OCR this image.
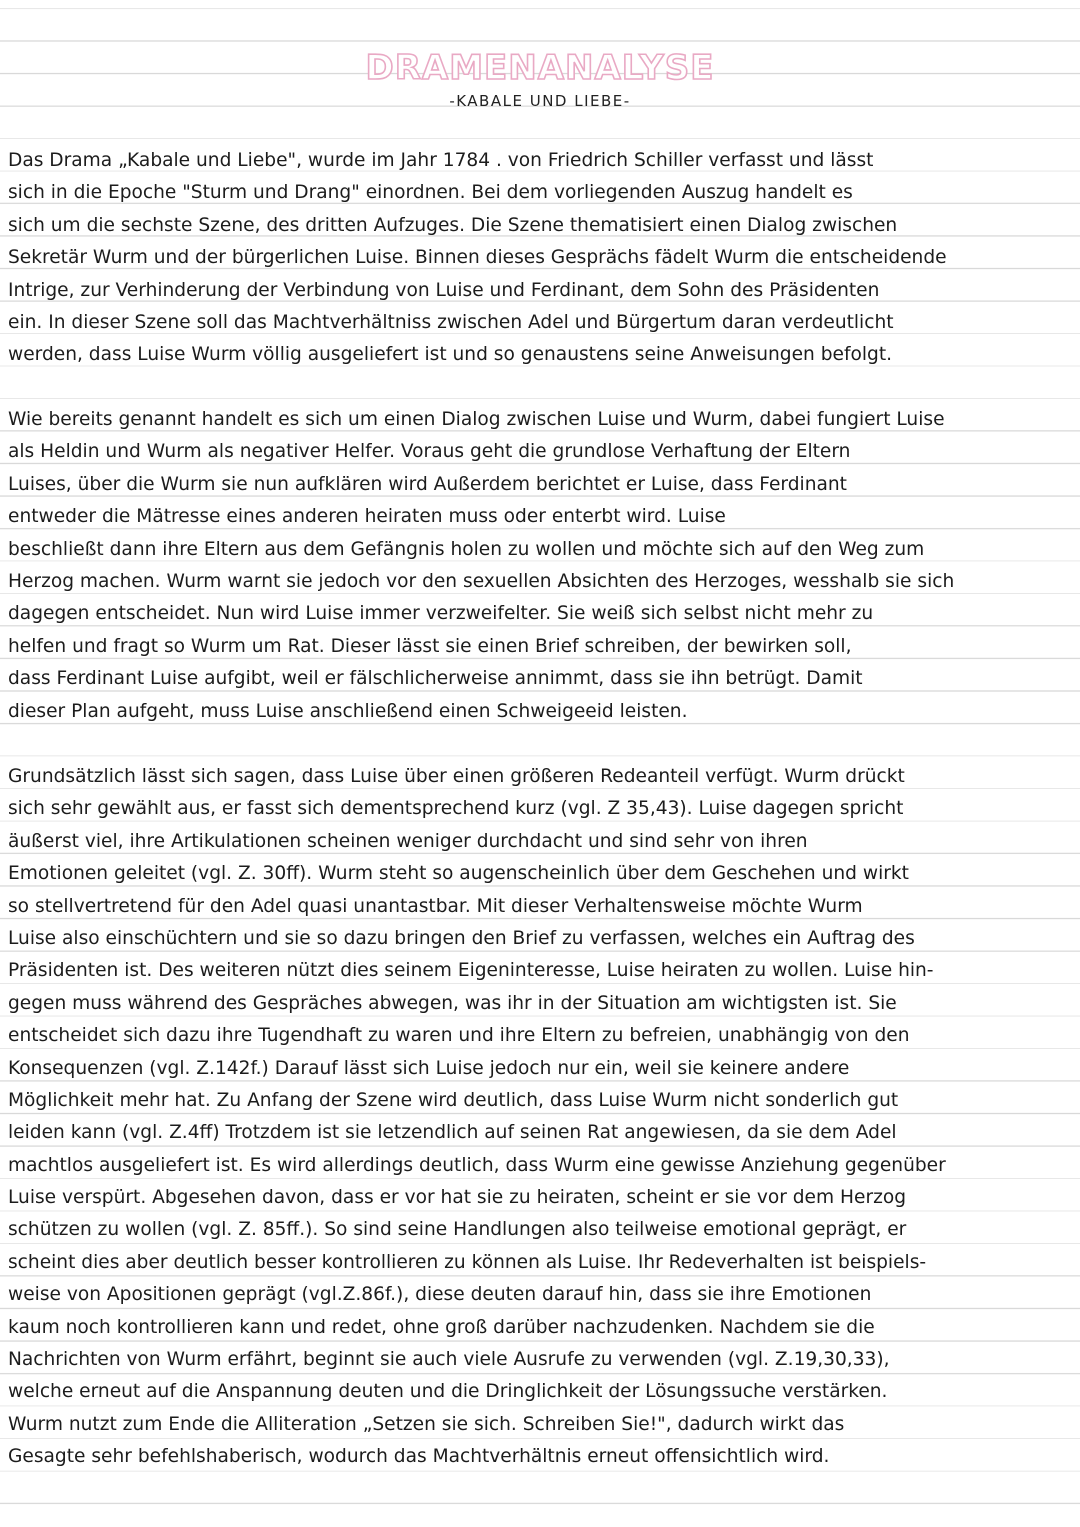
DRAMENANALYSE
-KABALE UND LIEBE-
Das Drama „Kabale und Liebe", wurde im Jahr 1784 . von Friedrich Schiller verfasst und lässt
sich in die Epoche "Sturm und Drang" einordnen. Bei dem vorliegenden Auszug handelt es
sich um die sechste Szene, des dritten Aufzuges. Die Szene thematisiert einen Dialog zwischen
Sekretär Wurm und der bürgerlichen Luise. Binnen dieses Gesprächs fädelt Wurm die entscheidende
Intrige, zur Verhinderung der Verbindung von Luise und Ferdinant, dem Sohn des Präsidenten
ein. In dieser Szene soll das Machtverhältniss zwischen Adel und Bürgertum daran verdeutlicht
werden, dass Luise Wurm völlig ausgeliefert ist und so genaustens seine Anweisungen befolgt.
Wie bereits genannt handelt es sich um einen Dialog zwischen Luise und Wurm, dabei fungiert Luise
als Heldin und Wurm als negativer Helfer. Voraus geht die grundlose Verhaftung der Eltern
Luises, über die Wurm sie nun aufklären wird Außerdem berichtet er Luise, dass Ferdinant
entweder die Mätresse eines anderen heiraten muss oder enterbt wird. Luise
beschließt dann ihre Eltern aus dem Gefängnis holen zu wollen und möchte sich auf den Weg zum
Herzog machen. Wurm warnt sie jedoch vor den sexuellen Absichten des Herzoges, wesshalb sie sich
dagegen entscheidet. Nun wird Luise immer verzweifelter. Sie weiß sich selbst nicht mehr zu
helfen und fragt so Wurm um Rat. Dieser lässt sie einen Brief schreiben, der bewirken soll,
dass Ferdinant Luise aufgibt, weil er fälschlicherweise annimmt, dass sie ihn betrügt. Damit
dieser Plan aufgeht, muss Luise anschließend einen Schweigeeid leisten.
Grundsätzlich lässt sich sagen, dass Luise über einen größeren Redeanteil verfügt. Wurm drückt
sich sehr gewählt aus, er fasst sich dementsprechend kurz (vgl. Z 35,43). Luise dagegen spricht
äußerst viel, ihre Artikulationen scheinen weniger durchdacht und sind sehr von ihren
Emotionen geleitet (vgl. Z. 30ff). Wurm steht so augenscheinlich über dem Geschehen und wirkt
so stellvertretend für den Adel quasi unantastbar. Mit dieser Verhaltensweise möchte Wurm
Luise also einschüchtern und sie so dazu bringen den Brief zu verfassen, welches ein Auftrag des
Präsidenten ist. Des weiteren nützt dies seinem Eigeninteresse, Luise heiraten zu wollen. Luise hin-
gegen muss während des Gespräches abwegen, was ihr in der Situation am wichtigsten ist. Sie
entscheidet sich dazu ihre Tugendhaft zu waren und ihre Eltern zu befreien, unabhängig von den
Konsequenzen (vgl. Z.142f.) Darauf lässt sich Luise jedoch nur ein, weil sie keinere andere
Möglichkeit mehr hat. Zu Anfang der Szene wird deutlich, dass Luise Wurm nicht sonderlich gut
leiden kann (vgl. Z.4ff) Trotzdem ist sie letzendlich auf seinen Rat angewiesen, da sie dem Adel
machtlos ausgeliefert ist. Es wird allerdings deutlich, dass Wurm eine gewisse Anziehung gegenüber
Luise verspürt. Abgesehen davon, dass er vor hat sie zu heiraten, scheint er sie vor dem Herzog
schützen zu wollen (vgl. Z. 85ff.). So sind seine Handlungen also teilweise emotional geprägt, er
scheint dies aber deutlich besser kontrollieren zu können als Luise. Ihr Redeverhalten ist beispiels-
weise von Apositionen geprägt (vgl.Z.86f.), diese deuten darauf hin, dass sie ihre Emotionen
kaum noch kontrollieren kann und redet, ohne groß darüber nachzudenken. Nachdem sie die
Nachrichten von Wurm erfährt, beginnt sie auch viele Ausrufe zu verwenden (vgl. Z.19,30,33),
welche erneut auf die Anspannung deuten und die Dringlichkeit der Lösungssuche verstärken.
Wurm nutzt zum Ende die Alliteration „Setzen sie sich. Schreiben Sie!", dadurch wirkt das
Gesagte sehr befehlshaberisch, wodurch das Machtverhältnis erneut offensichtlich wird.
